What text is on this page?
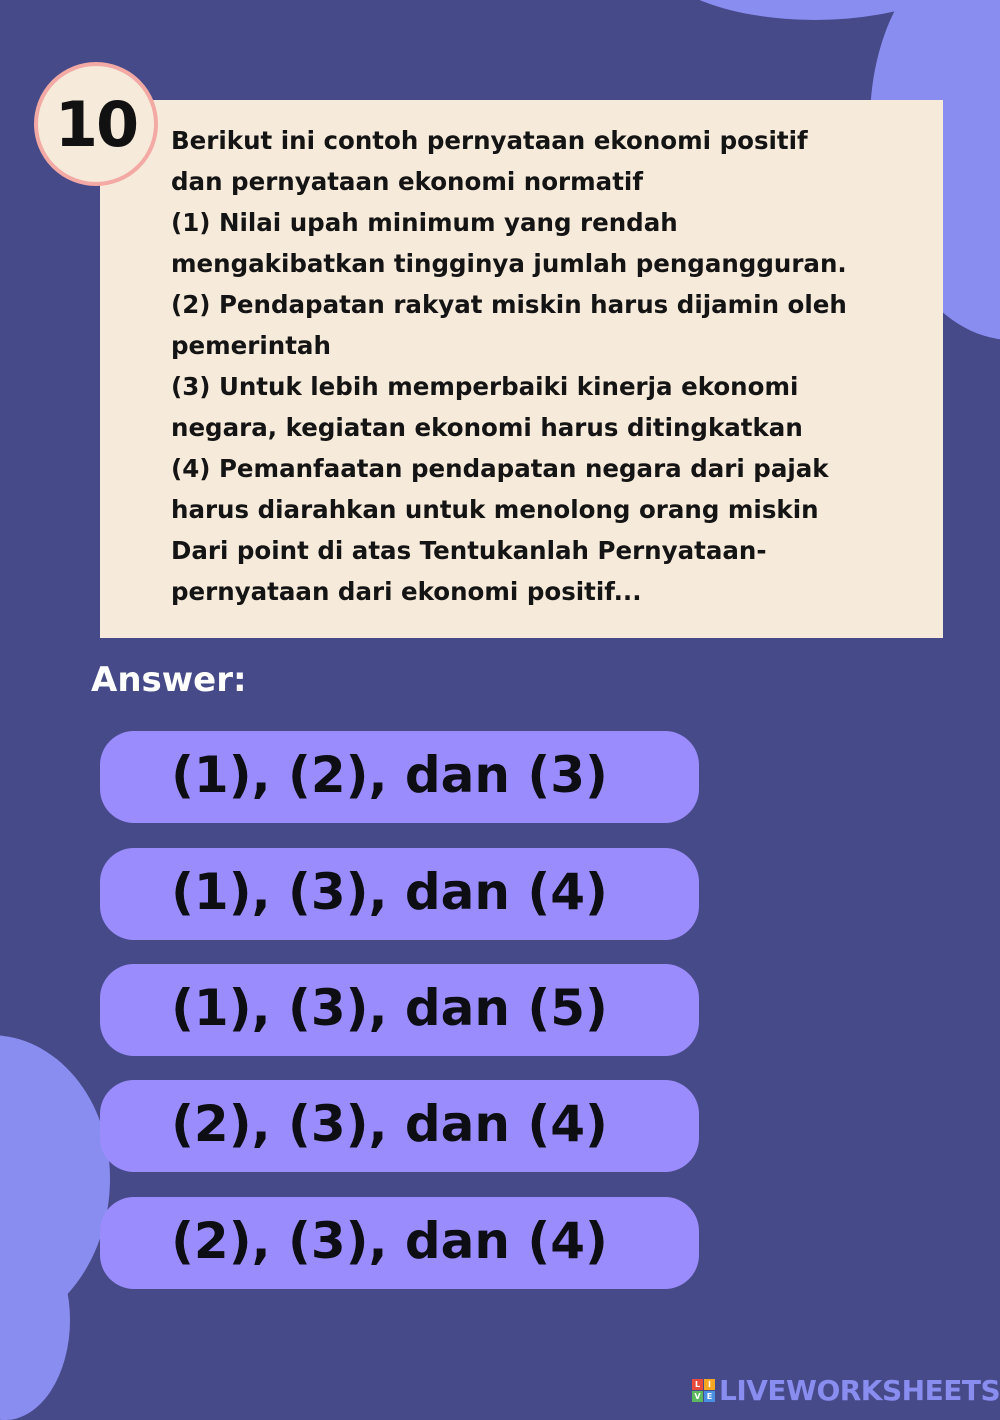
Berikut ini contoh pernyataan ekonomi positif
dan pernyataan ekonomi normatif
(1) Nilai upah minimum yang rendah
mengakibatkan tingginya jumlah pengangguran.
(2) Pendapatan rakyat miskin harus dijamin oleh
pemerintah
(3) Untuk lebih memperbaiki kinerja ekonomi
negara, kegiatan ekonomi harus ditingkatkan
(4) Pemanfaatan pendapatan negara dari pajak
harus diarahkan untuk menolong orang miskin
Dari point di atas Tentukanlah Pernyataan-
pernyataan dari ekonomi positif...

10
Answer:
(1), (2), dan (3)
(1), (3), dan (4)
(1), (3), dan (5)
(2), (3), dan (4)
(2), (3), dan (4)
L I
V E LIVEWORKSHEETS
